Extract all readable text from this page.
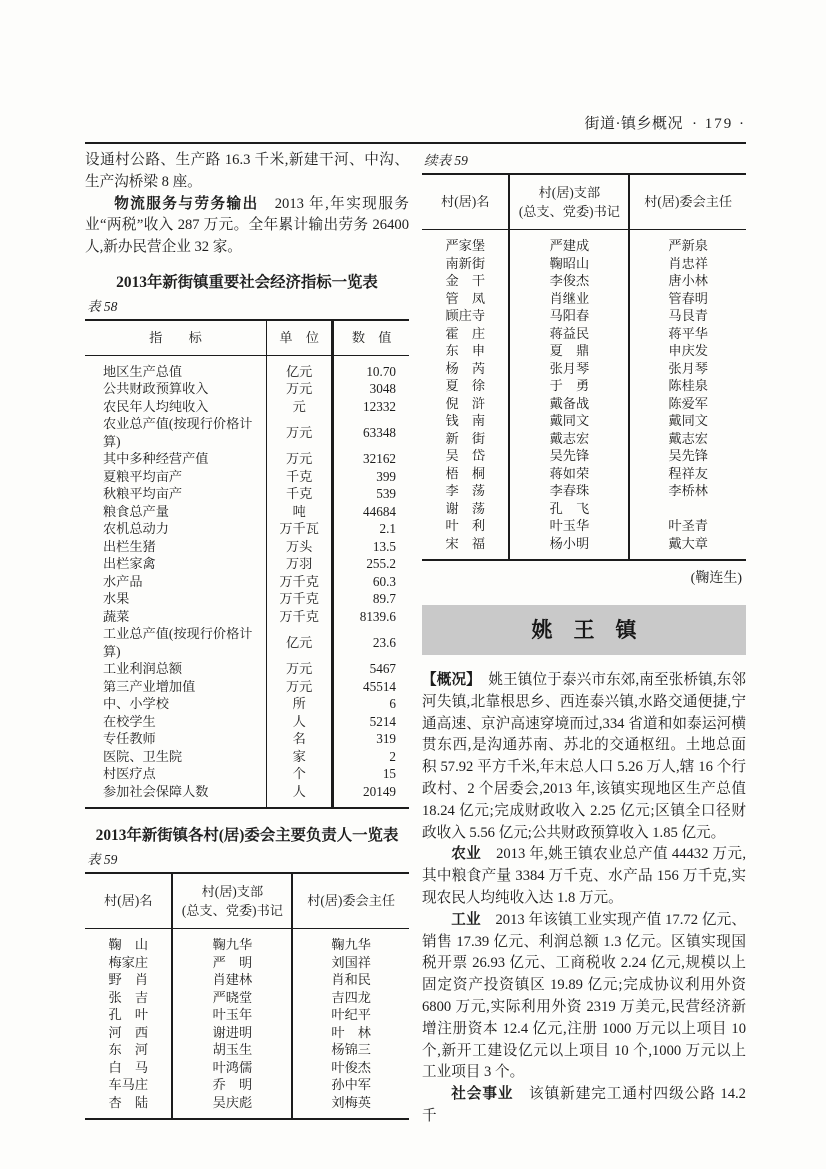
街道·镇乡概况 · 179 ·

设通村公路、生产路 16.3 千米,新建干河、中沟、生产沟桥梁 8 座。

物流服务与劳务输出 2013 年,年实现服务业“两税”收入 287 万元。全年累计输出劳务 26400 人,新办民营企业 32 家。

2013年新街镇重要社会经济指标一览表
表 58
指　　标	单　位	数　值
地区生产总值	亿元	10.70
公共财政预算收入	万元	3048
农民年人均纯收入	元	12332
农业总产值(按现行价格计算)	万元	63348
其中多种经营产值	万元	32162
夏粮平均亩产	千克	399
秋粮平均亩产	千克	539
粮食总产量	吨	44684
农机总动力	万千瓦	2.1
出栏生猪	万头	13.5
出栏家禽	万羽	255.2
水产品	万千克	60.3
水果	万千克	89.7
蔬菜	万千克	8139.6
工业总产值(按现行价格计算)	亿元	23.6
工业利润总额	万元	5467
第三产业增加值	万元	45514
中、小学校	所	6
在校学生	人	5214
专任教师	名	319
医院、卫生院	家	2
村医疗点	个	15
参加社会保障人数	人	20149
2013年新街镇各村(居)委会主要负责人一览表
表 59
村(居)名	村(居)支部
(总支、党委)书记	村(居)委会主任
鞠　山	鞠九华	鞠九华
梅家庄	严　明	刘国祥
野　肖	肖建林	肖和民
张　吉	严晓堂	吉四龙
孔　叶	叶玉年	叶纪平
河　西	谢进明	叶　林
东　河	胡玉生	杨锦三
白　马	叶鸿儒	叶俊杰
车马庄	乔　明	孙中军
杏　陆	吴庆彪	刘梅英
续表 59
村(居)名	村(居)支部
(总支、党委)书记	村(居)委会主任
严家堡	严建成	严新泉
南新街	鞠昭山	肖忠祥
金　干	李俊杰	唐小林
管　凤	肖继业	管春明
顾庄寺	马阳春	马艮青
霍　庄	蒋益民	蒋平华
东　申	夏　鼎	申庆发
杨　芮	张月琴	张月琴
夏　徐	于　勇	陈桂泉
倪　浒	戴备战	陈爱军
钱　南	戴同文	戴同文
新　街	戴志宏	戴志宏
吴　岱	吴先锋	吴先锋
梧　桐	蒋如荣	程祥友
李　荡	李春珠	李桥林
谢　荡	孔　飞	
叶　利	叶玉华	叶圣青
宋　福	杨小明	戴大章
(鞠连生)
姚　王　镇

【概况】 姚王镇位于泰兴市东郊,南至张桥镇,东邻河失镇,北靠根思乡、西连泰兴镇,水路交通便捷,宁通高速、京沪高速穿境而过,334 省道和如泰运河横贯东西,是沟通苏南、苏北的交通枢纽。土地总面积 57.92 平方千米,年末总人口 5.26 万人,辖 16 个行政村、2 个居委会,2013 年,该镇实现地区生产总值 18.24 亿元;完成财政收入 2.25 亿元;区镇全口径财政收入 5.56 亿元;公共财政预算收入 1.85 亿元。

农业 2013 年,姚王镇农业总产值 44432 万元,其中粮食产量 3384 万千克、水产品 156 万千克,实现农民人均纯收入达 1.8 万元。

工业 2013 年该镇工业实现产值 17.72 亿元、销售 17.39 亿元、利润总额 1.3 亿元。区镇实现国税开票 26.93 亿元、工商税收 2.24 亿元,规模以上固定资产投资镇区 19.89 亿元;完成协议利用外资 6800 万元,实际利用外资 2319 万美元,民营经济新增注册资本 12.4 亿元,注册 1000 万元以上项目 10 个,新开工建设亿元以上项目 10 个,1000 万元以上工业项目 3 个。

社会事业 该镇新建完工通村四级公路 14.2 千
